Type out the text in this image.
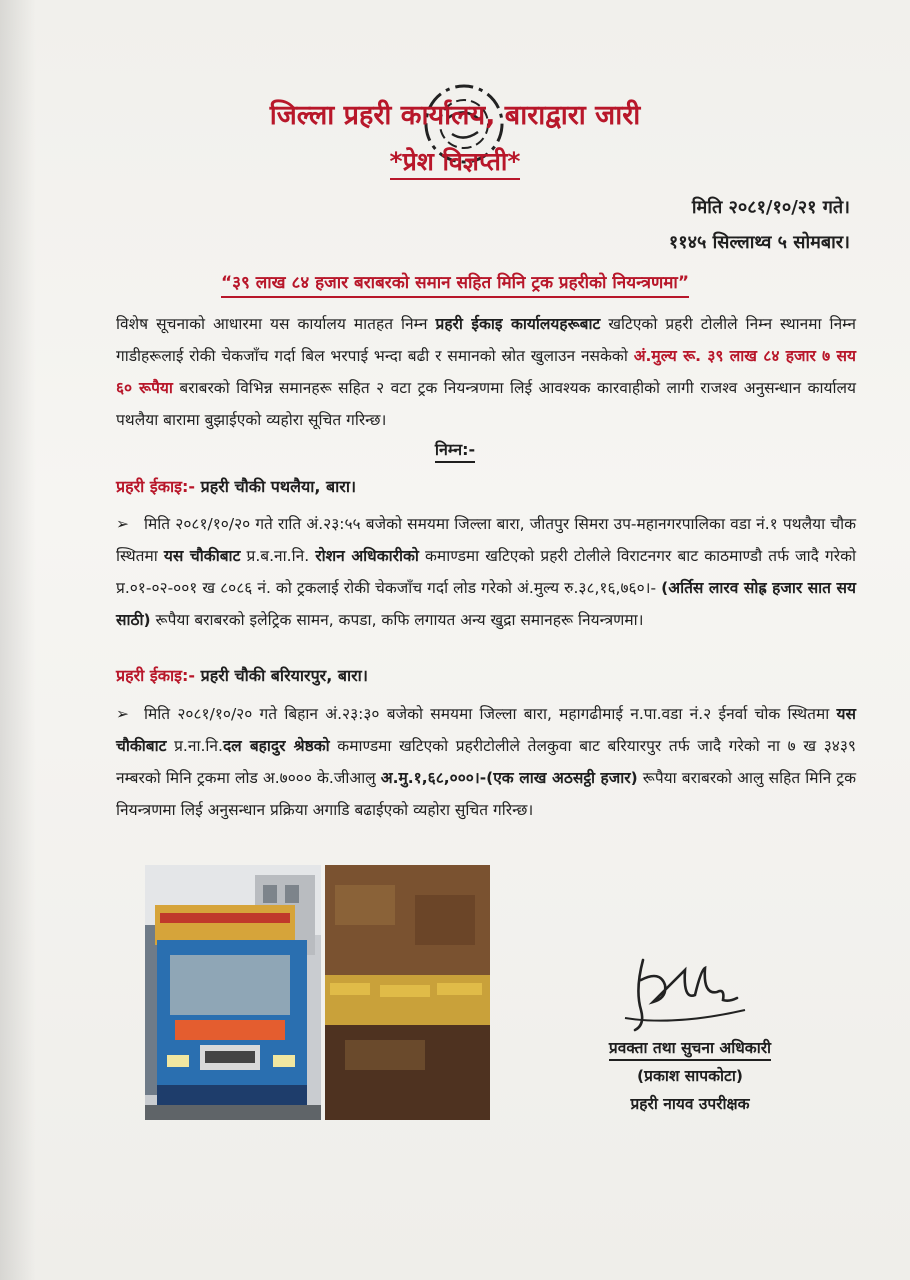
जिल्ला प्रहरी कार्यालय, बाराद्वारा जारी
*प्रेश विज्ञप्ती*
मिति २०८१/१०/२१ गते।
११४५ सिल्लाथ्व ५ सोमबार।
“३९ लाख ८४ हजार बराबरको समान सहित मिनि ट्रक प्रहरीको नियन्त्रणमा”
विशेष सूचनाको आधारमा यस कार्यालय मातहत निम्न प्रहरी ईकाइ कार्यालयहरूबाट खटिएको प्रहरी टोलीले निम्न स्थानमा निम्न गाडीहरूलाई रोकी चेकजाँच गर्दा बिल भरपाई भन्दा बढी र समानको स्रोत खुलाउन नसकेको अं.मुल्य रू. ३९ लाख ८४ हजार ७ सय ६० रूपैया बराबरको विभिन्न समानहरू सहित २ वटा ट्रक नियन्त्रणमा लिई आवश्यक कारवाहीको लागी राजश्व अनुसन्धान कार्यालय पथलैया बारामा बुझाईएको व्यहोरा सूचित गरिन्छ।
निम्न:-
प्रहरी ईकाइ:- प्रहरी चौकी पथलैया, बारा।

➢ मिति २०८१/१०/२० गते राति अं.२३:५५ बजेको समयमा जिल्ला बारा, जीतपुर सिमरा उप-महानगरपालिका वडा नं.१ पथलैया चौक स्थितमा यस चौकीबाट प्र.ब.ना.नि. रोशन अधिकारीको कमाण्डमा खटिएको प्रहरी टोलीले विराटनगर बाट काठमाण्डौ तर्फ जादै गरेको प्र.०१-०२-००१ ख ८०८६ नं. को ट्रकलाई रोकी चेकजाँच गर्दा लोड गरेको अं.मुल्य रु.३८,१६,७६०।- (अर्तिस लारव सोह्र हजार सात सय साठी) रूपैया बराबरको इलेट्रिक सामन, कपडा, कफि लगायत अन्य खुद्रा समानहरू नियन्त्रणमा।

प्रहरी ईकाइ:- प्रहरी चौकी बरियारपुर, बारा।

➢ मिति २०८१/१०/२० गते बिहान अं.२३:३० बजेको समयमा जिल्ला बारा, महागढीमाई न.पा.वडा नं.२ ईनर्वा चोक स्थितमा यस चौकीबाट प्र.ना.नि.दल बहादुर श्रेष्ठको कमाण्डमा खटिएको प्रहरीटोलीले तेलकुवा बाट बरियारपुर तर्फ जादै गरेको ना ७ ख ३४३९ नम्बरको मिनि ट्रकमा लोड अ.७००० के.जीआलु अ.मु.१,६८,०००।-(एक लाख अठसट्ठी हजार) रूपैया बराबरको आलु सहित मिनि ट्रक नियन्त्रणमा लिई अनुसन्धान प्रक्रिया अगाडि बढाईएको व्यहोरा सुचित गरिन्छ।

प्रवक्ता तथा सुचना अधिकारी
(प्रकाश सापकोटा)
प्रहरी नायव उपरीक्षक
